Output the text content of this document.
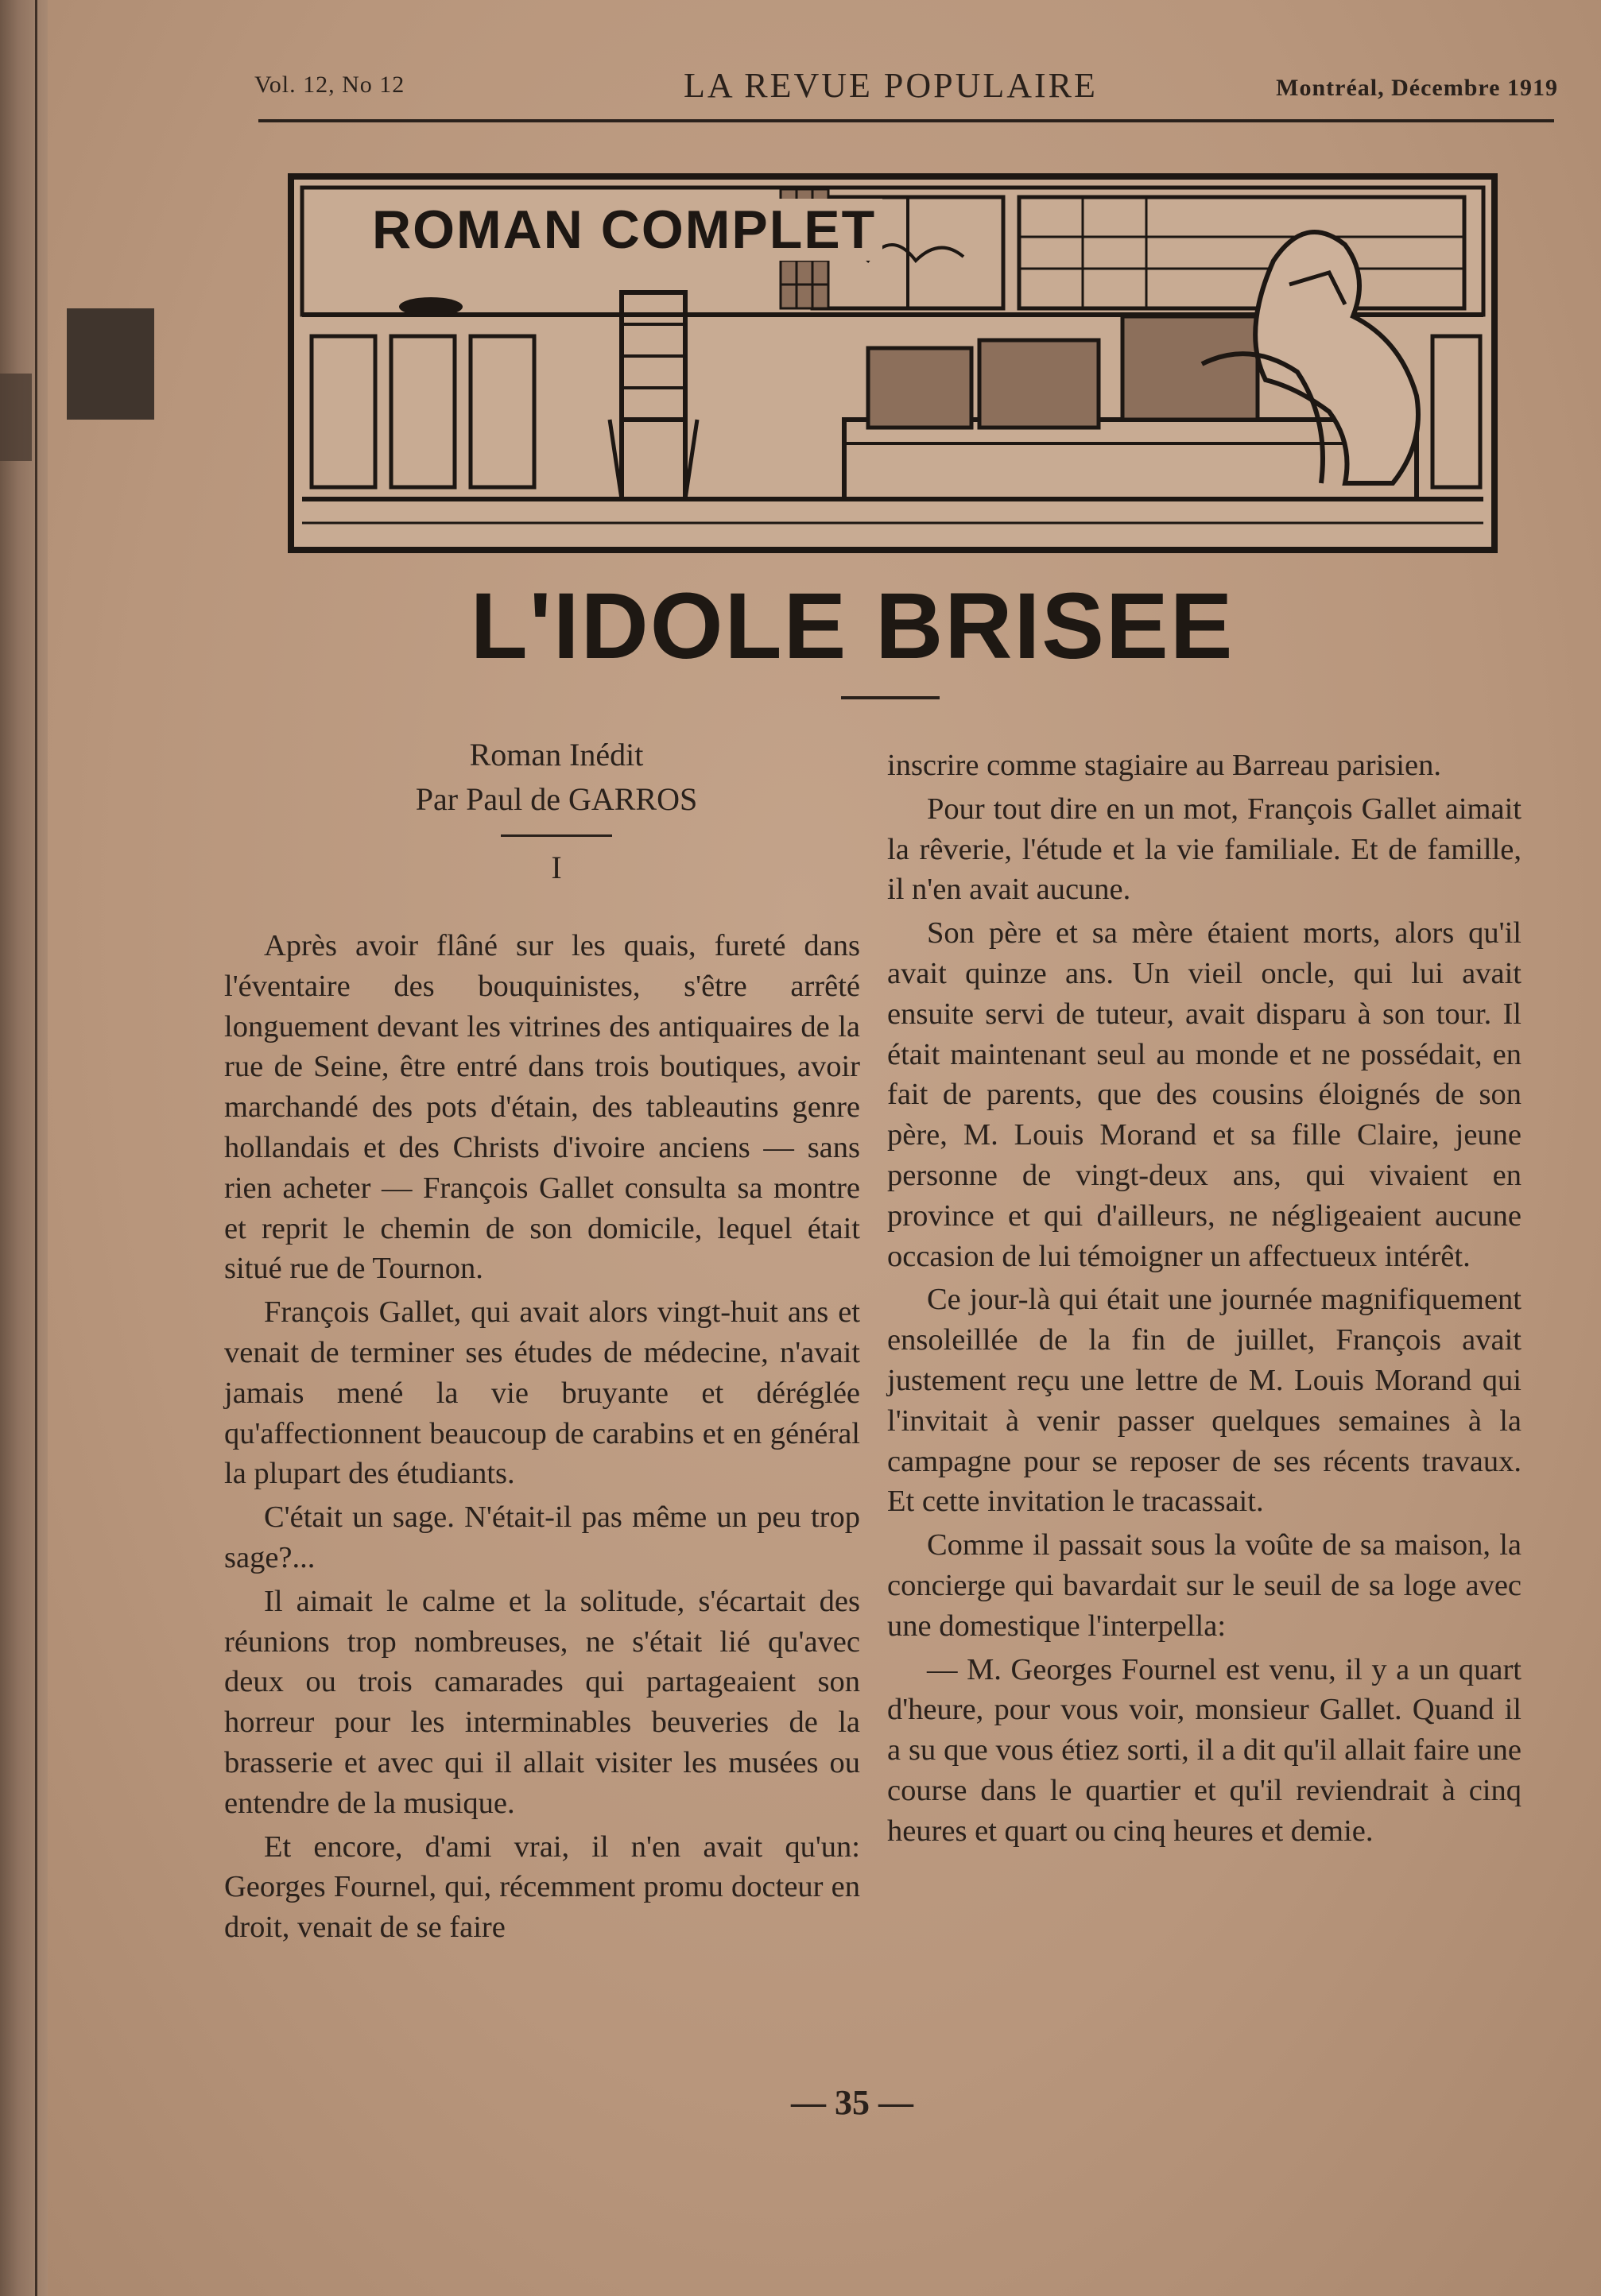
Vol. 12, No 12	LA REVUE POPULAIRE	Montréal, Décembre 1919
ROMAN COMPLET
L'IDOLE BRISEE
Roman Inédit
Par Paul de GARROS
I

Après avoir flâné sur les quais, fureté dans l'éventaire des bouquinistes, s'être arrêté longuement devant les vitrines des antiquaires de la rue de Seine, être entré dans trois boutiques, avoir marchandé des pots d'étain, des tableautins genre hollandais et des Christs d'ivoire anciens — sans rien acheter — François Gallet consulta sa montre et reprit le chemin de son domicile, lequel était situé rue de Tournon.

François Gallet, qui avait alors vingt-huit ans et venait de terminer ses études de médecine, n'avait jamais mené la vie bruyante et déréglée qu'affectionnent beaucoup de carabins et en général la plupart des étudiants.

C'était un sage. N'était-il pas même un peu trop sage?...

Il aimait le calme et la solitude, s'écartait des réunions trop nombreuses, ne s'était lié qu'avec deux ou trois camarades qui partageaient son horreur pour les interminables beuveries de la brasserie et avec qui il allait visiter les musées ou entendre de la musique.

Et encore, d'ami vrai, il n'en avait qu'un: Georges Fournel, qui, récemment promu docteur en droit, venait de se faire

inscrire comme stagiaire au Barreau parisien.

Pour tout dire en un mot, François Gallet aimait la rêverie, l'étude et la vie familiale. Et de famille, il n'en avait aucune.

Son père et sa mère étaient morts, alors qu'il avait quinze ans. Un vieil oncle, qui lui avait ensuite servi de tuteur, avait disparu à son tour. Il était maintenant seul au monde et ne possédait, en fait de parents, que des cousins éloignés de son père, M. Louis Morand et sa fille Claire, jeune personne de vingt-deux ans, qui vivaient en province et qui d'ailleurs, ne négligeaient aucune occasion de lui témoigner un affectueux intérêt.

Ce jour-là qui était une journée magnifiquement ensoleillée de la fin de juillet, François avait justement reçu une lettre de M. Louis Morand qui l'invitait à venir passer quelques semaines à la campagne pour se reposer de ses récents travaux. Et cette invitation le tracassait.

Comme il passait sous la voûte de sa maison, la concierge qui bavardait sur le seuil de sa loge avec une domestique l'interpella:

— M. Georges Fournel est venu, il y a un quart d'heure, pour vous voir, monsieur Gallet. Quand il a su que vous étiez sorti, il a dit qu'il allait faire une course dans le quartier et qu'il reviendrait à cinq heures et quart ou cinq heures et demie.

— 35 —
